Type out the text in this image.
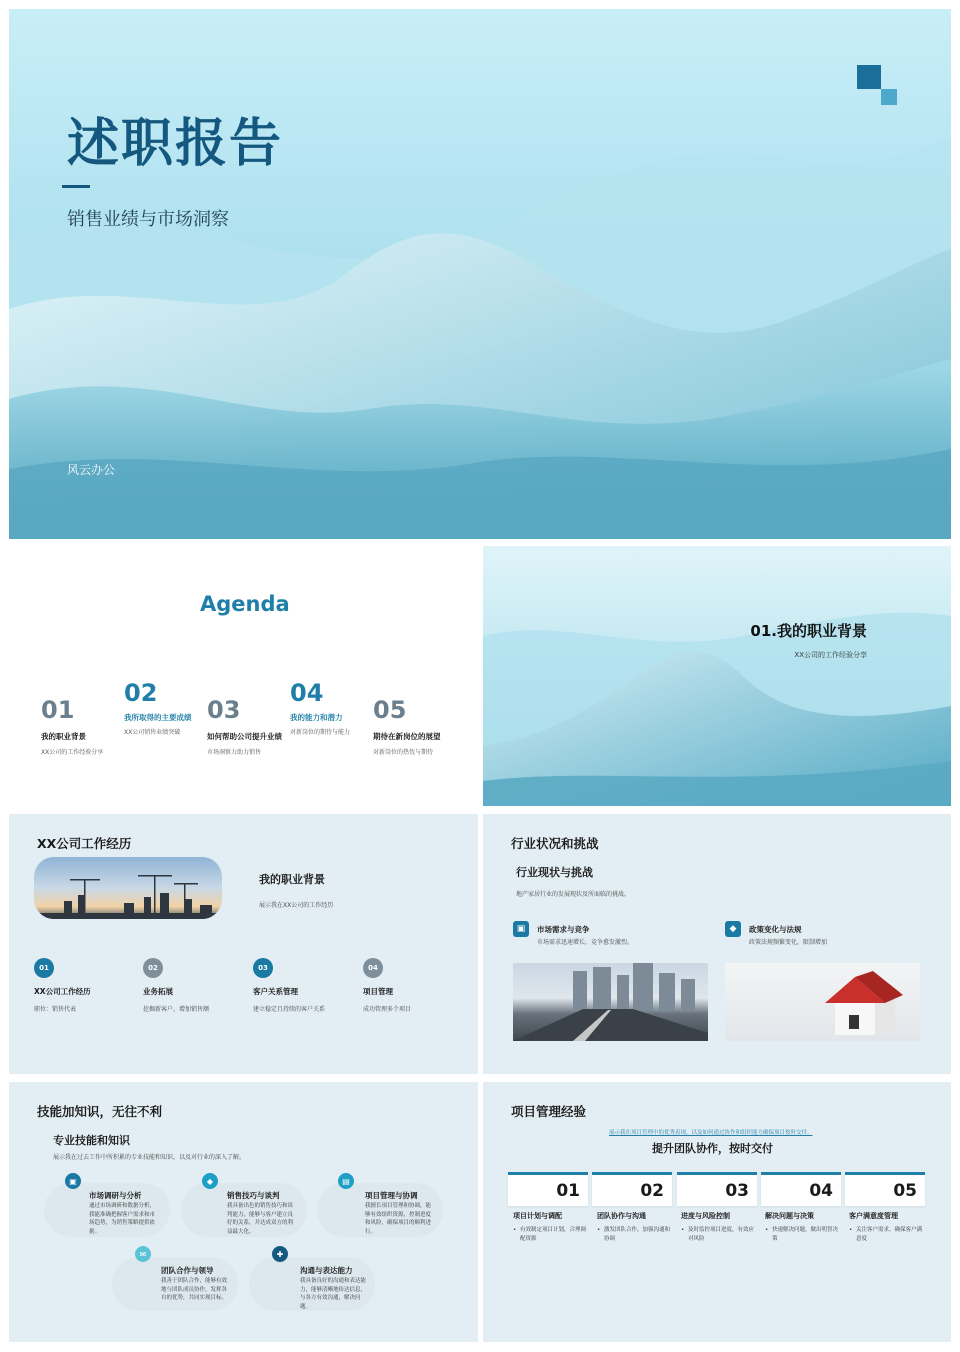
述职报告
销售业绩与市场洞察
风云办公
Agenda
01
我的职业背景
XX公司的工作经验分享
02
我所取得的主要成绩
XX公司销售业绩突破
03
如何帮助公司提升业绩
市场洞察力助力销售
04
我的能力和潜力
对新岗位的期待与能力
05
期待在新岗位的展望
对新岗位的热忱与期待
01.我的职业背景
XX公司的工作经验分享
XX公司工作经历
我的职业背景
展示我在XX公司的工作经历
01
XX公司工作经历
职位：销售代表
02
业务拓展
挖掘新客户，增加销售额
03
客户关系管理
建立稳定且持续的客户关系
04
项目管理
成功管理多个项目
行业状况和挑战
行业现状与挑战
地产家居行业的发展现状及所面临的挑战。
▣	市场需求与竞争
市场需求迅速增长，竞争愈发激烈。
◆	政策变化与法规
政策法规频繁变化，限制增加
技能加知识，无往不利
专业技能和知识
展示我在过去工作中所积累的专业技能和知识，以及对行业的深入了解。
▣
市场调研与分析
通过市场调研和数据分析，我能准确把握客户需求和市场趋势，为销售策略提供依据。
◆
销售技巧与谈判
我具备出色的销售技巧和谈判能力，能够与客户建立良好的关系，并达成双方的利益最大化。
▤
项目管理与协调
我擅长项目管理和协调，能够有效组织资源，控制进度和风险，确保项目的顺利进行。
✉
团队合作与领导
我善于团队合作，能够有效地与团队成员协作，发挥各自的优势，共同实现目标。
✚
沟通与表达能力
我具备良好的沟通和表达能力，能够清晰地传达信息，与各方有效沟通，解决问题。
项目管理经验
展示我在项目管理中的优秀表现，以及如何通过协作和组织能力确保项目按时交付。
提升团队协作，按时交付
01	02	03	04	05
项目计划与调配	团队协作与沟通	进度与风险控制	解决问题与决策	客户满意度管理
• 有效制定项目计划，合理调配资源
• 激发团队合作，加强沟通和协调
• 及时监控项目进度，有效应对风险
• 快速解决问题，做出明智决策
• 关注客户需求，确保客户满意度
